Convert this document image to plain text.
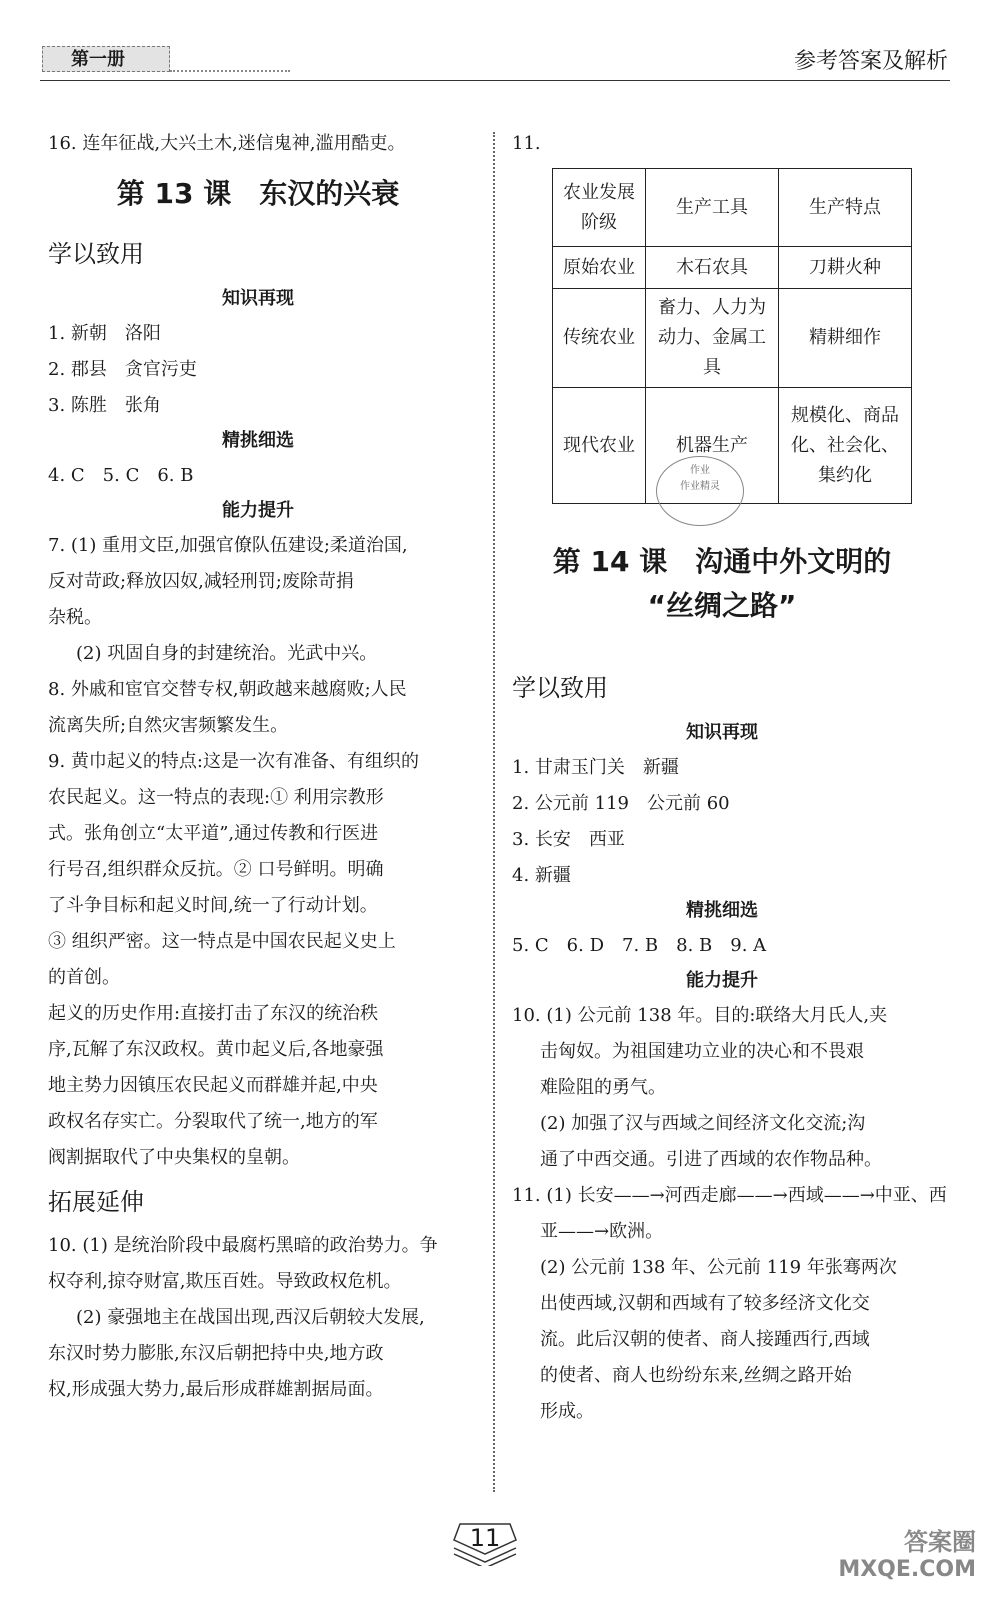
第一册	参考答案及解析

16. 连年征战,大兴土木,迷信鬼神,滥用酷吏。

第 13 课　东汉的兴衰

学以致用

知识再现

1. 新朝　洛阳

2. 郡县　贪官污吏

3. 陈胜　张角

精挑细选

4. C　5. C　6. B

能力提升

7. (1) 重用文臣,加强官僚队伍建设;柔道治国,

反对苛政;释放囚奴,减轻刑罚;废除苛捐

杂税。

(2) 巩固自身的封建统治。光武中兴。

8. 外戚和宦官交替专权,朝政越来越腐败;人民

流离失所;自然灾害频繁发生。

9. 黄巾起义的特点:这是一次有准备、有组织的

农民起义。这一特点的表现:① 利用宗教形

式。张角创立“太平道”,通过传教和行医进

行号召,组织群众反抗。② 口号鲜明。明确

了斗争目标和起义时间,统一了行动计划。

③ 组织严密。这一特点是中国农民起义史上

的首创。

起义的历史作用:直接打击了东汉的统治秩

序,瓦解了东汉政权。黄巾起义后,各地豪强

地主势力因镇压农民起义而群雄并起,中央

政权名存实亡。分裂取代了统一,地方的军

阀割据取代了中央集权的皇朝。

拓展延伸

10. (1) 是统治阶段中最腐朽黑暗的政治势力。争

权夺利,掠夺财富,欺压百姓。导致政权危机。

(2) 豪强地主在战国出现,西汉后朝较大发展,

东汉时势力膨胀,东汉后朝把持中央,地方政

权,形成强大势力,最后形成群雄割据局面。

11.

农业发展阶级	生产工具	生产特点
原始农业	木石农具	刀耕火种
传统农业	畜力、人力为动力、金属工具	精耕细作
现代农业	机器生产	规模化、商品化、社会化、集约化
作业
作业精灵

第 14 课　沟通中外文明的

“丝绸之路”

学以致用

知识再现

1. 甘肃玉门关　新疆

2. 公元前 119　公元前 60

3. 长安　西亚

4. 新疆

精挑细选

5. C　6. D　7. B　8. B　9. A

能力提升

10. (1) 公元前 138 年。目的:联络大月氏人,夹

击匈奴。为祖国建功立业的决心和不畏艰

难险阻的勇气。

(2) 加强了汉与西域之间经济文化交流;沟

通了中西交通。引进了西域的农作物品种。

11. (1) 长安——→河西走廊——→西域——→中亚、西

亚——→欧洲。

(2) 公元前 138 年、公元前 119 年张骞两次

出使西域,汉朝和西域有了较多经济文化交

流。此后汉朝的使者、商人接踵西行,西域

的使者、商人也纷纷东来,丝绸之路开始

形成。

11	答案圈
MXQE.COM
